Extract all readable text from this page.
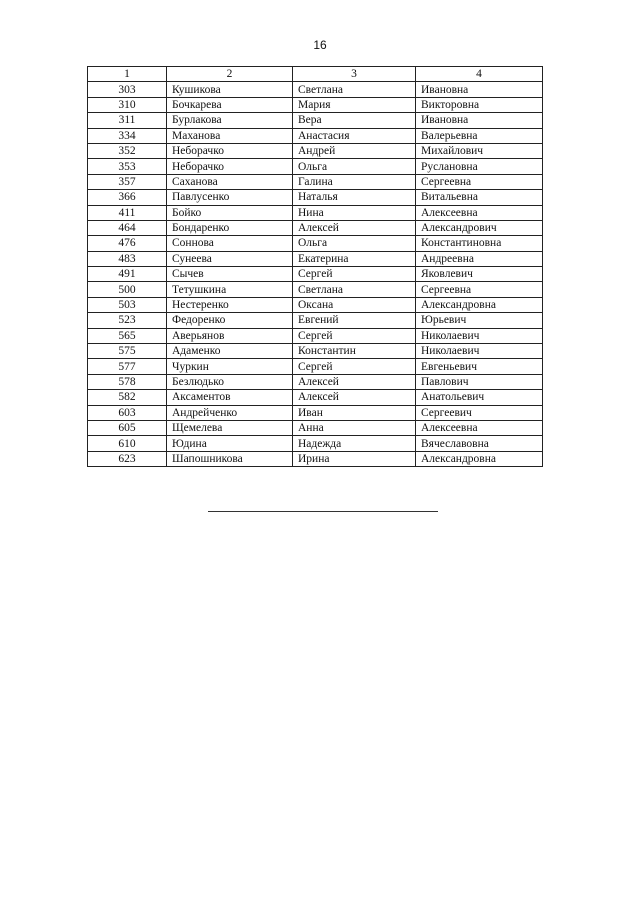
16
1	2	3	4
303	Кушикова	Светлана	Ивановна
310	Бочкарева	Мария	Викторовна
311	Бурлакова	Вера	Ивановна
334	Маханова	Анастасия	Валерьевна
352	Неборачко	Андрей	Михайлович
353	Неборачко	Ольга	Руслановна
357	Саханова	Галина	Сергеевна
366	Павлусенко	Наталья	Витальевна
411	Бойко	Нина	Алексеевна
464	Бондаренко	Алексей	Александрович
476	Соннова	Ольга	Константиновна
483	Сунеева	Екатерина	Андреевна
491	Сычев	Сергей	Яковлевич
500	Тетушкина	Светлана	Сергеевна
503	Нестеренко	Оксана	Александровна
523	Федоренко	Евгений	Юрьевич
565	Аверьянов	Сергей	Николаевич
575	Адаменко	Константин	Николаевич
577	Чуркин	Сергей	Евгеньевич
578	Безлюдько	Алексей	Павлович
582	Аксаментов	Алексей	Анатольевич
603	Андрейченко	Иван	Сергеевич
605	Щемелева	Анна	Алексеевна
610	Юдина	Надежда	Вячеславовна
623	Шапошникова	Ирина	Александровна
